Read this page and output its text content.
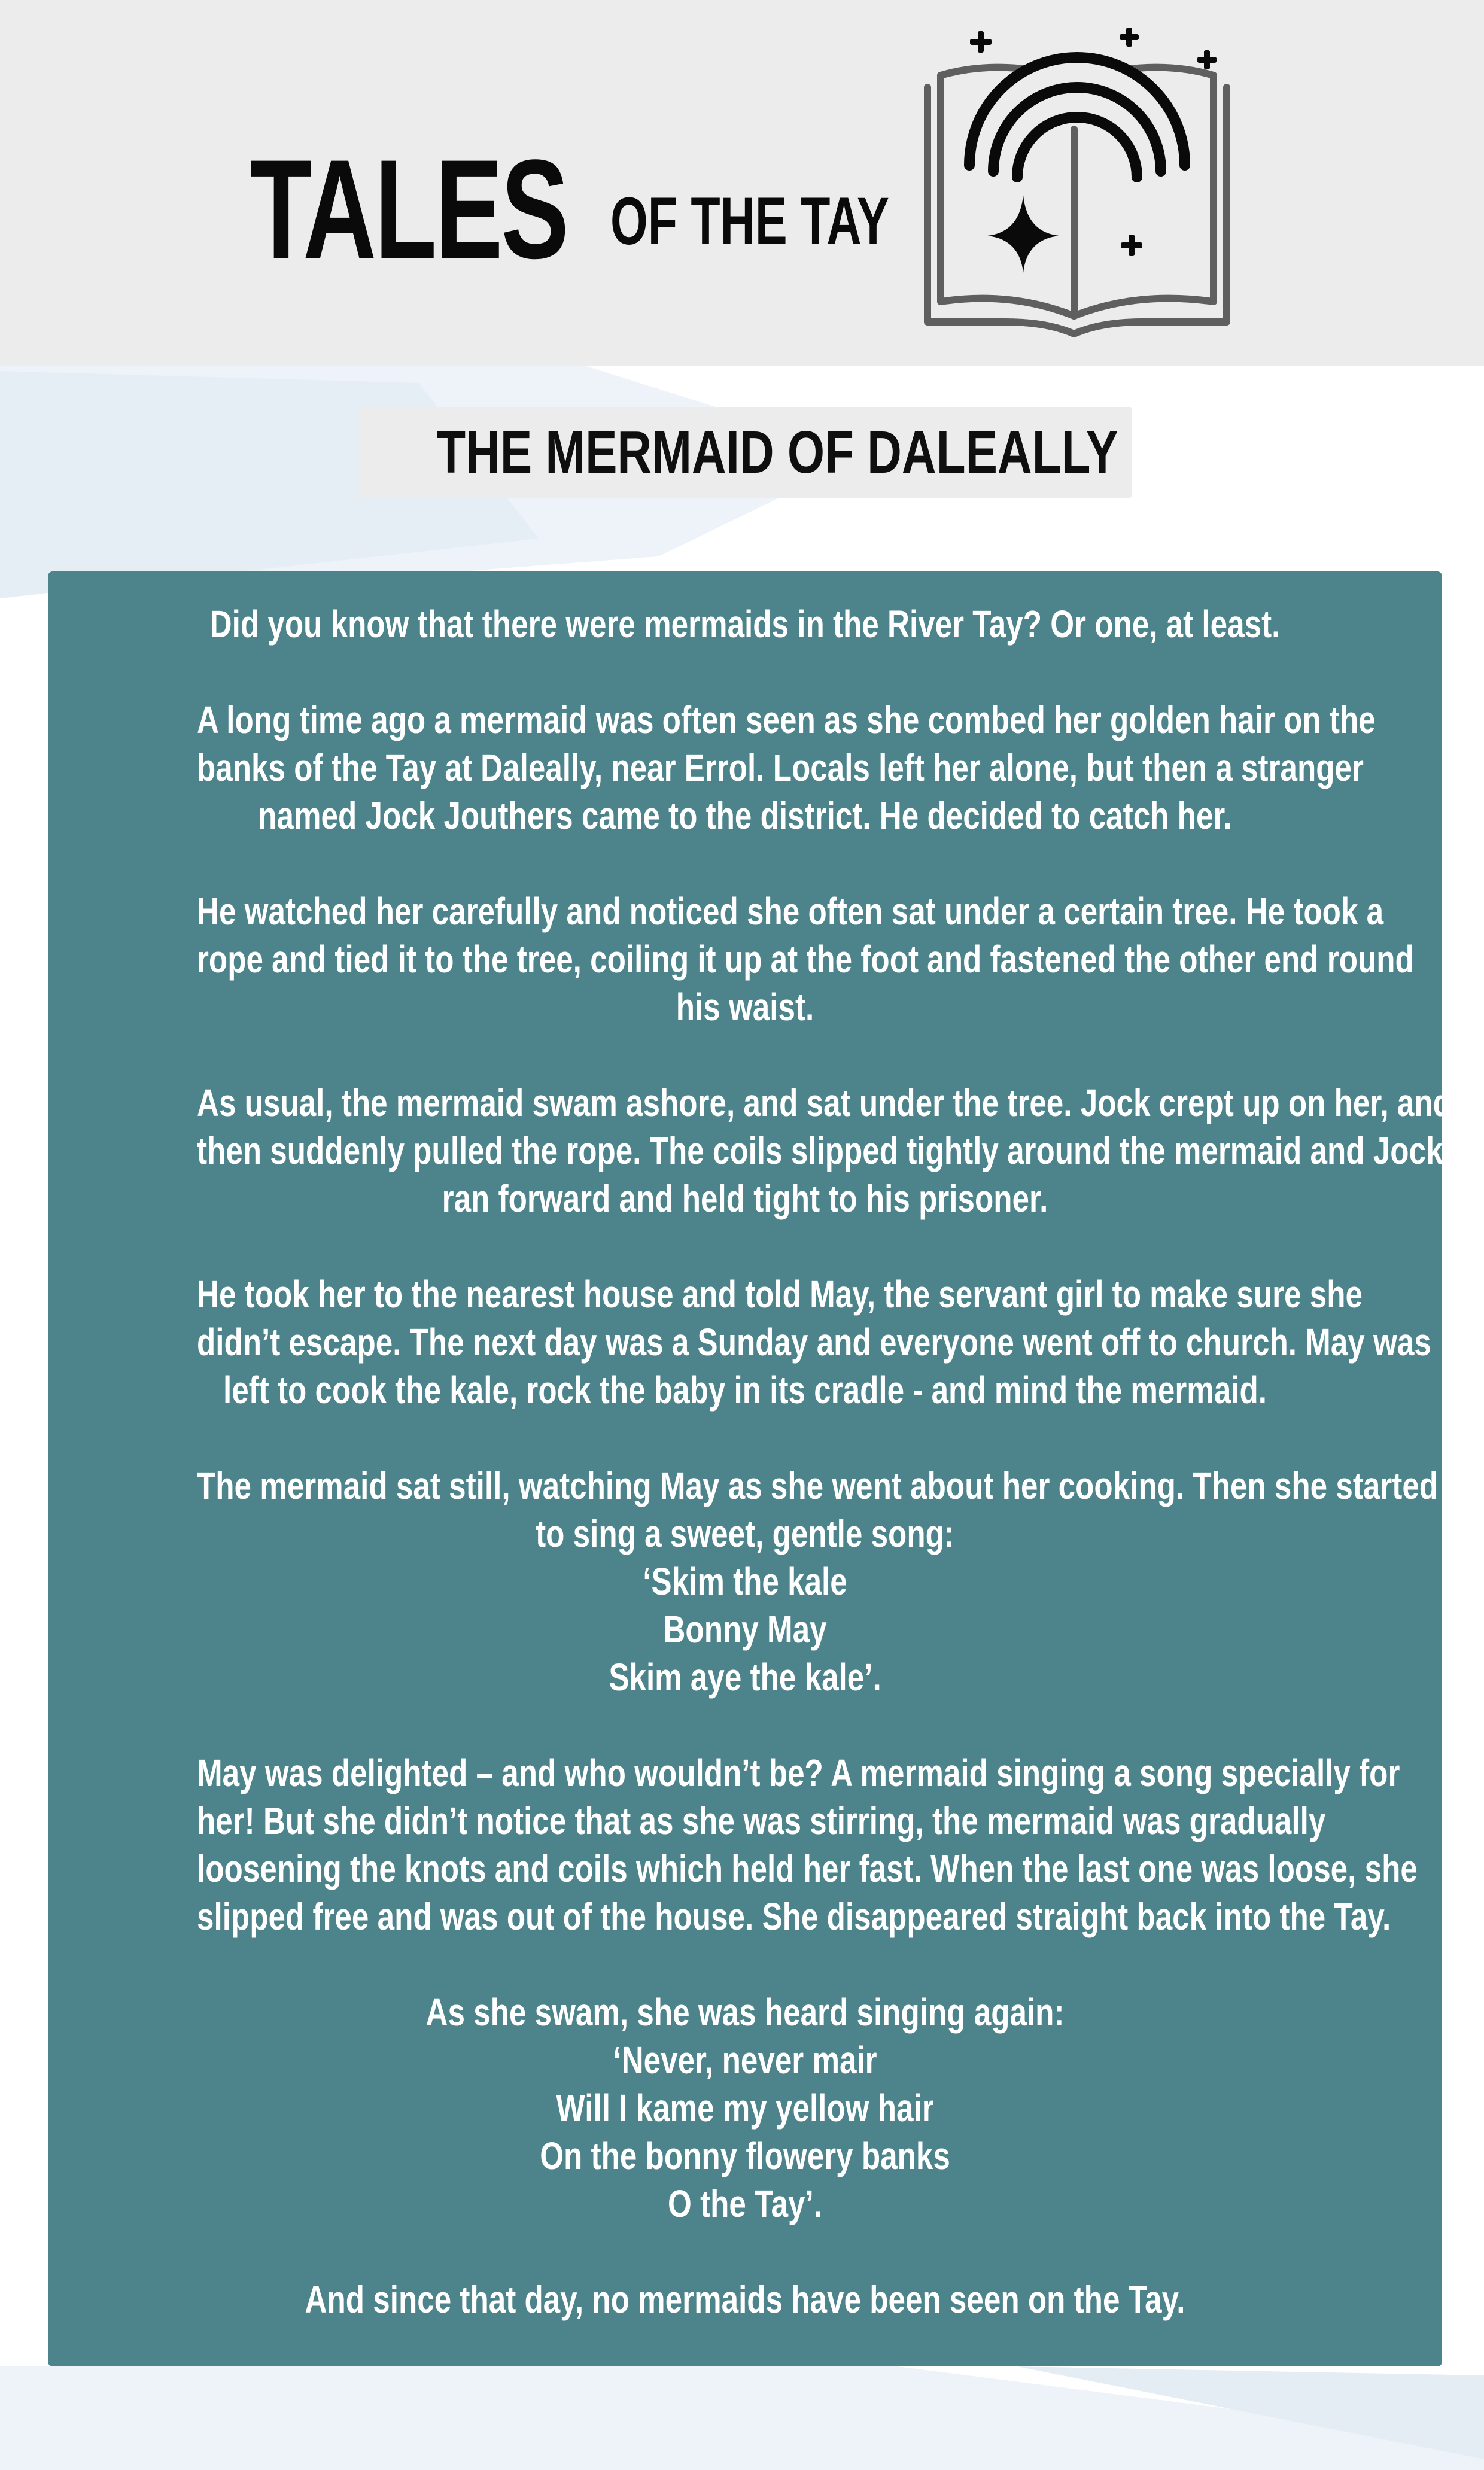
TALES OF THE TAY
THE MERMAID OF DALEALLY
Did you know that there were mermaids in the River Tay? Or one, at least.
A long time ago a mermaid was often seen as she combed her golden hair on the
banks of the Tay at Daleally, near Errol. Locals left her alone, but then a stranger
named Jock Jouthers came to the district. He decided to catch her.
He watched her carefully and noticed she often sat under a certain tree. He took a
rope and tied it to the tree, coiling it up at the foot and fastened the other end round
his waist.
As usual, the mermaid swam ashore, and sat under the tree. Jock crept up on her, and
then suddenly pulled the rope. The coils slipped tightly around the mermaid and Jock
ran forward and held tight to his prisoner.
He took her to the nearest house and told May, the servant girl to make sure she
didn’t escape. The next day was a Sunday and everyone went off to church. May was
left to cook the kale, rock the baby in its cradle - and mind the mermaid.
The mermaid sat still, watching May as she went about her cooking. Then she started
to sing a sweet, gentle song:
‘Skim the kale
Bonny May
Skim aye the kale’.
May was delighted – and who wouldn’t be? A mermaid singing a song specially for
her! But she didn’t notice that as she was stirring, the mermaid was gradually
loosening the knots and coils which held her fast. When the last one was loose, she
slipped free and was out of the house. She disappeared straight back into the Tay.
As she swam, she was heard singing again:
‘Never, never mair
Will I kame my yellow hair
On the bonny flowery banks
O the Tay’.
And since that day, no mermaids have been seen on the Tay.
